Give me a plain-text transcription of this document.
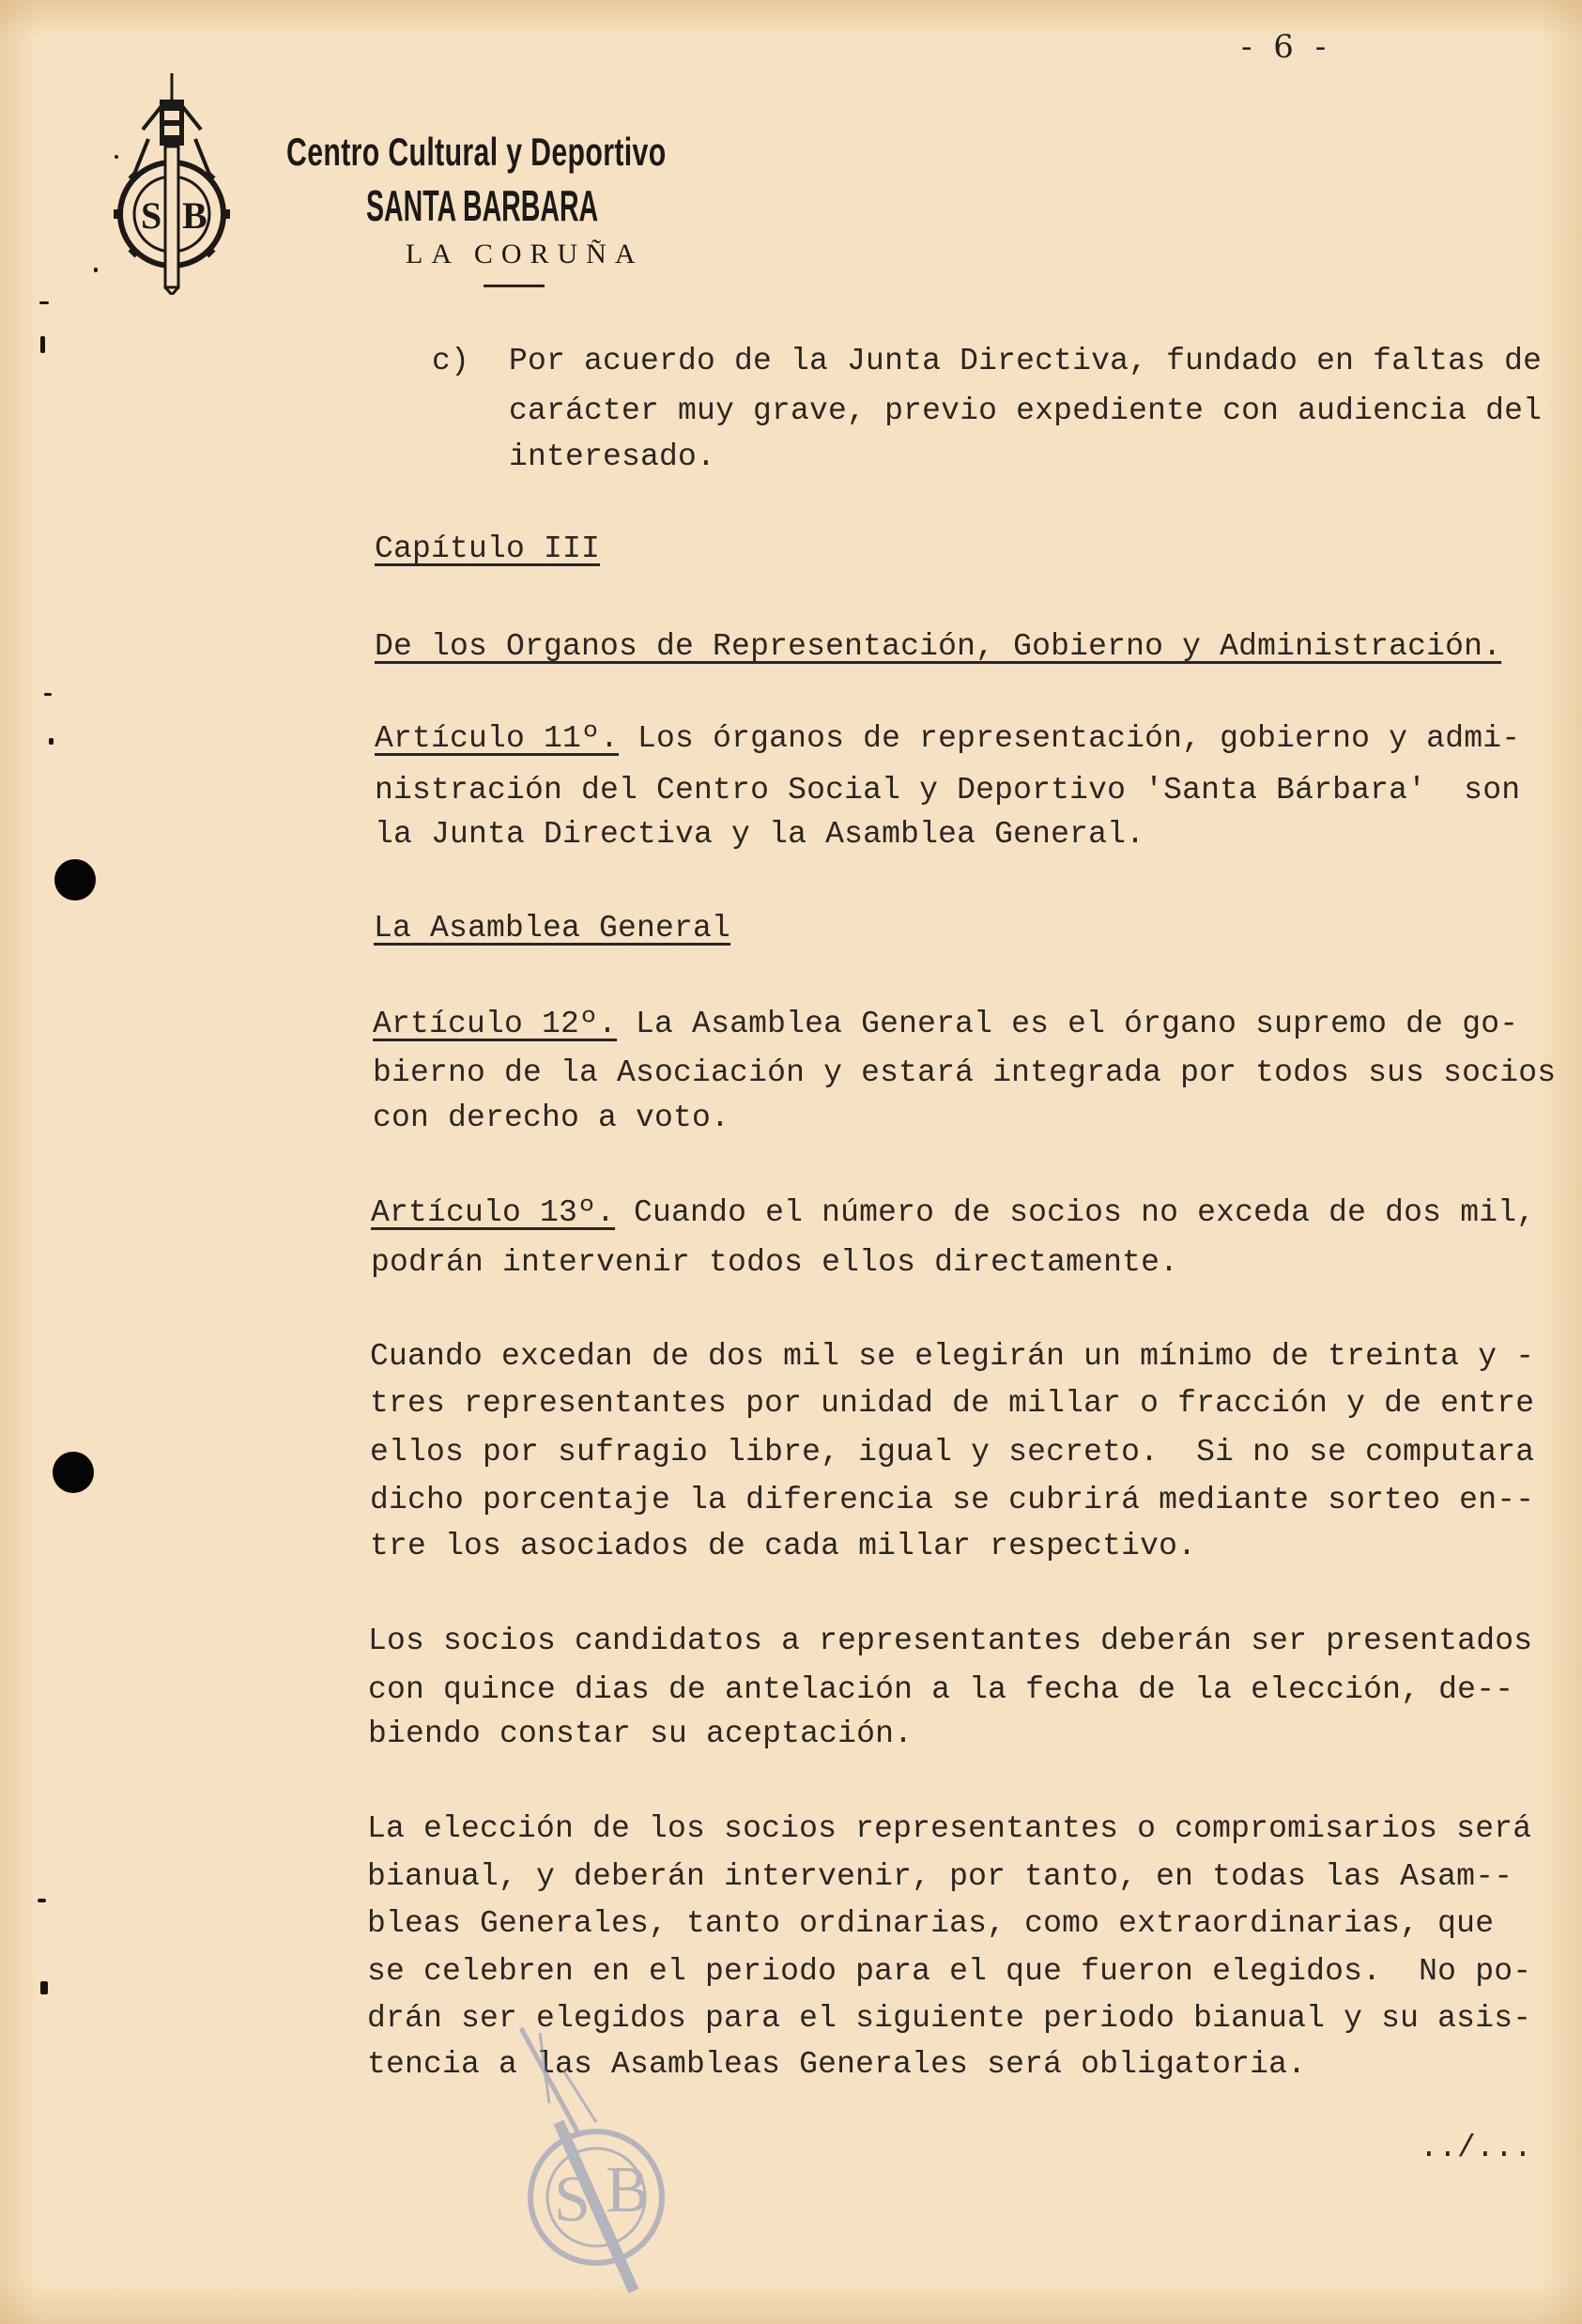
- 6 -
S B
Centro Cultural y Deportivo
SANTA BARBARA
LA CORUÑA
c) Por acuerdo de la Junta Directiva, fundado en faltas de
carácter muy grave, previo expediente con audiencia del
interesado.
Capítulo III
De los Organos de Representación, Gobierno y Administración.
Artículo 11º. Los órganos de representación, gobierno y admi-
nistración del Centro Social y Deportivo 'Santa Bárbara'  son
la Junta Directiva y la Asamblea General.
La Asamblea General
Artículo 12º. La Asamblea General es el órgano supremo de go-
bierno de la Asociación y estará integrada por todos sus socios
con derecho a voto.
Artículo 13º. Cuando el número de socios no exceda de dos mil,
podrán intervenir todos ellos directamente.
Cuando excedan de dos mil se elegirán un mínimo de treinta y -
tres representantes por unidad de millar o fracción y de entre
ellos por sufragio libre, igual y secreto.  Si no se computara
dicho porcentaje la diferencia se cubrirá mediante sorteo en--
tre los asociados de cada millar respectivo.
Los socios candidatos a representantes deberán ser presentados
con quince dias de antelación a la fecha de la elección, de--
biendo constar su aceptación.
La elección de los socios representantes o compromisarios será
bianual, y deberán intervenir, por tanto, en todas las Asam--
bleas Generales, tanto ordinarias, como extraordinarias, que
se celebren en el periodo para el que fueron elegidos.  No po-
drán ser elegidos para el siguiente periodo bianual y su asis-
tencia a las Asambleas Generales será obligatoria.
../...
S B
